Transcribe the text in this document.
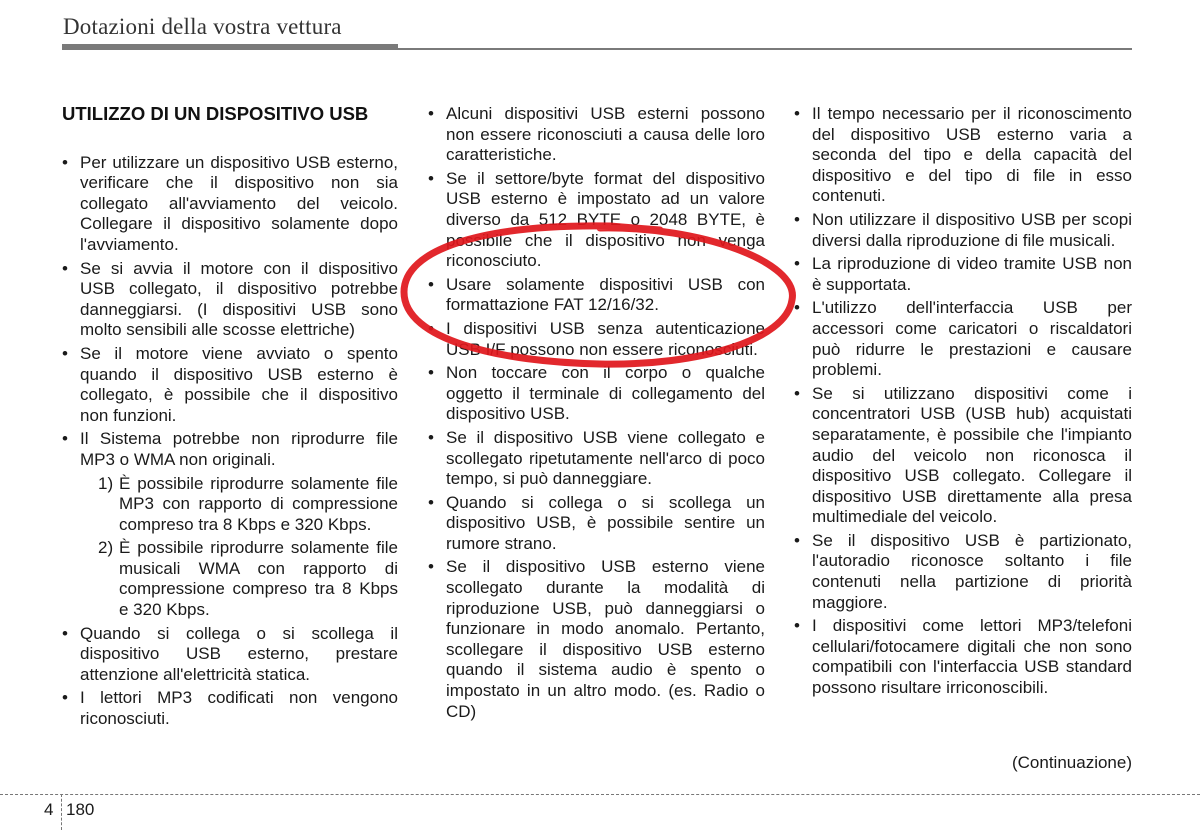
Dotazioni della vostra vettura
UTILIZZO DI UN DISPOSITIVO USB
• Per utilizzare un dispositivo USB esterno, verificare che il dispositivo non sia collegato all'avviamento del veicolo. Collegare il dispositivo solamente dopo l'avviamento.
• Se si avvia il motore con il dispositivo USB collegato, il dispositivo potrebbe danneggiarsi. (I dispositivi USB sono molto sensibili alle scosse elettriche)
• Se il motore viene avviato o spento quando il dispositivo USB esterno è collegato, è possibile che il dispositivo non funzioni.
• Il Sistema potrebbe non riprodurre file MP3 o WMA non originali.
1) È possibile riprodurre solamente file MP3 con rapporto di compressione compreso tra 8 Kbps e 320 Kbps.
2) È possibile riprodurre solamente file musicali WMA con rapporto di compressione compreso tra 8 Kbps e 320 Kbps.
• Quando si collega o si scollega il dispositivo USB esterno, prestare attenzione all'elettricità statica.
• I lettori MP3 codificati non vengono riconosciuti.
• Alcuni dispositivi USB esterni possono non essere riconosciuti a causa delle loro caratteristiche.
• Se il settore/byte format del dispositivo USB esterno è impostato ad un valore diverso da 512 BYTE o 2048 BYTE, è possibile che il dispositivo non venga riconosciuto.
• Usare solamente dispositivi USB con formattazione FAT 12/16/32.
• I dispositivi USB senza autenticazione USB I/F possono non essere riconosciuti.
• Non toccare con il corpo o qualche oggetto il terminale di collegamento del dispositivo USB.
• Se il dispositivo USB viene collegato e scollegato ripetutamente nell'arco di poco tempo, si può danneggiare.
• Quando si collega o si scollega un dispositivo USB, è possibile sentire un rumore strano.
• Se il dispositivo USB esterno viene scollegato durante la modalità di riproduzione USB, può danneggiarsi o funzionare in modo anomalo. Pertanto, scollegare il dispositivo USB esterno quando il sistema audio è spento o impostato in un altro modo. (es. Radio o CD)
• Il tempo necessario per il riconoscimento del dispositivo USB esterno varia a seconda del tipo e della capacità del dispositivo e del tipo di file in esso contenuti.
• Non utilizzare il dispositivo USB per scopi diversi dalla riproduzione di file musicali.
• La riproduzione di video tramite USB non è supportata.
• L'utilizzo dell'interfaccia USB per accessori come caricatori o riscaldatori può ridurre le prestazioni e causare problemi.
• Se si utilizzano dispositivi come i concentratori USB (USB hub) acquistati separatamente, è possibile che l'impianto audio del veicolo non riconosca il dispositivo USB collegato. Collegare il dispositivo USB direttamente alla presa multimediale del veicolo.
• Se il dispositivo USB è partizionato, l'autoradio riconosce soltanto i file contenuti nella partizione di priorità maggiore.
• I dispositivi come lettori MP3/telefoni cellulari/fotocamere digitali che non sono compatibili con l'interfaccia USB standard possono risultare irriconoscibili.
(Continuazione)
4 180
